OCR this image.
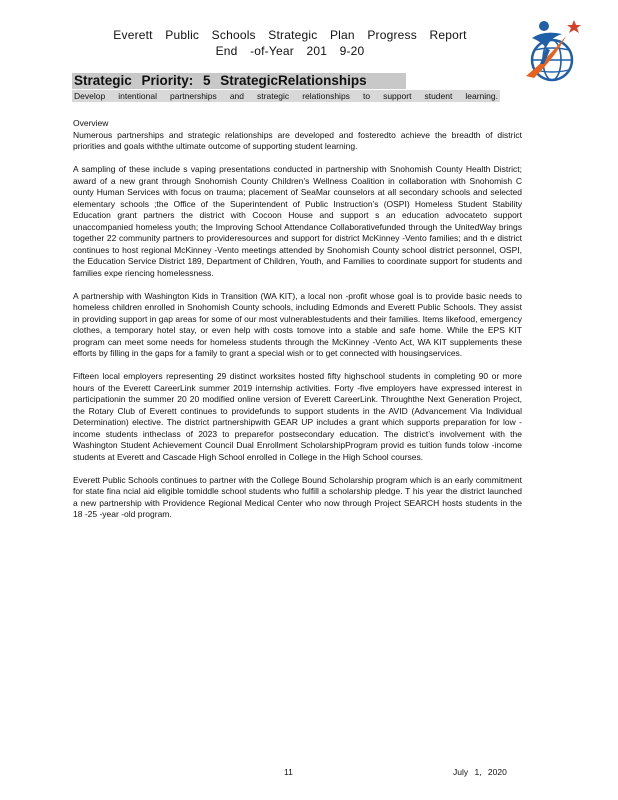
Everett Public Schools Strategic Plan Progress Report
End -of-Year 201 9-20
Strategic Priority: 5 StrategicRelationships
Develop intentional partnerships and strategic relationships to support student learning.

Overview

Numerous partnerships and strategic relationships are developed and fosteredto achieve the breadth of district priorities and goals withthe ultimate outcome of supporting student learning.

A sampling of these include s vaping presentations conducted in partnership with Snohomish County Health District; award of a new grant through Snohomish County Children’s Wellness Coalition in collaboration with Snohomish C ounty Human Services with focus on trauma; placement of SeaMar counselors at all secondary schools and selected elementary schools ;the Office of the Superintendent of Public Instruction’s (OSPI) Homeless Student Stability Education grant partners the district with Cocoon House and support s an education advocateto support unaccompanied homeless youth; the Improving School Attendance Collaborativefunded through the UnitedWay brings together 22 community partners to provideresources and support for district McKinney -Vento families; and th e district continues to host regional McKinney -Vento meetings attended by Snohomish County school district personnel, OSPI, the Education Service District 189, Department of Children, Youth, and Families to coordinate support for students and families expe riencing homelessness.

A partnership with Washington Kids in Transition (WA KIT), a local non -profit whose goal is to provide basic needs to homeless children enrolled in Snohomish County schools, including Edmonds and Everett Public Schools. They assist in providing support in gap areas for some of our most vulnerablestudents and their families. Items likefood, emergency clothes, a temporary hotel stay, or even help with costs tomove into a stable and safe home. While the EPS KIT program can meet some needs for homeless students through the McKinney -Vento Act, WA KIT supplements these efforts by filling in the gaps for a family to grant a special wish or to get connected with housingservices.

Fifteen local employers representing 29 distinct worksites hosted fifty highschool students in completing 90 or more hours of the Everett CareerLink summer 2019 internship activities. Forty -five employers have expressed interest in participationin the summer 20 20 modified online version of Everett CareerLink. Throughthe Next Generation Project, the Rotary Club of Everett continues to providefunds to support students in the AVID (Advancement Via Individual Determination) elective. The district partnershipwith GEAR UP includes a grant which supports preparation for low -income students intheclass of 2023 to preparefor postsecondary education. The district’s involvement with the Washington Student Achievement Council Dual Enrollment ScholarshipProgram provid es tuition funds tolow -income students at Everett and Cascade High School enrolled in College in the High School courses.

Everett Public Schools continues to partner with the College Bound Scholarship program which is an early commitment for state fina ncial aid eligible tomiddle school students who fulfill a scholarship pledge. T his year the district launched a new partnership with Providence Regional Medical Center who now through Project SEARCH hosts students in the 18 -25 -year -old program.

11	July 1, 2020
